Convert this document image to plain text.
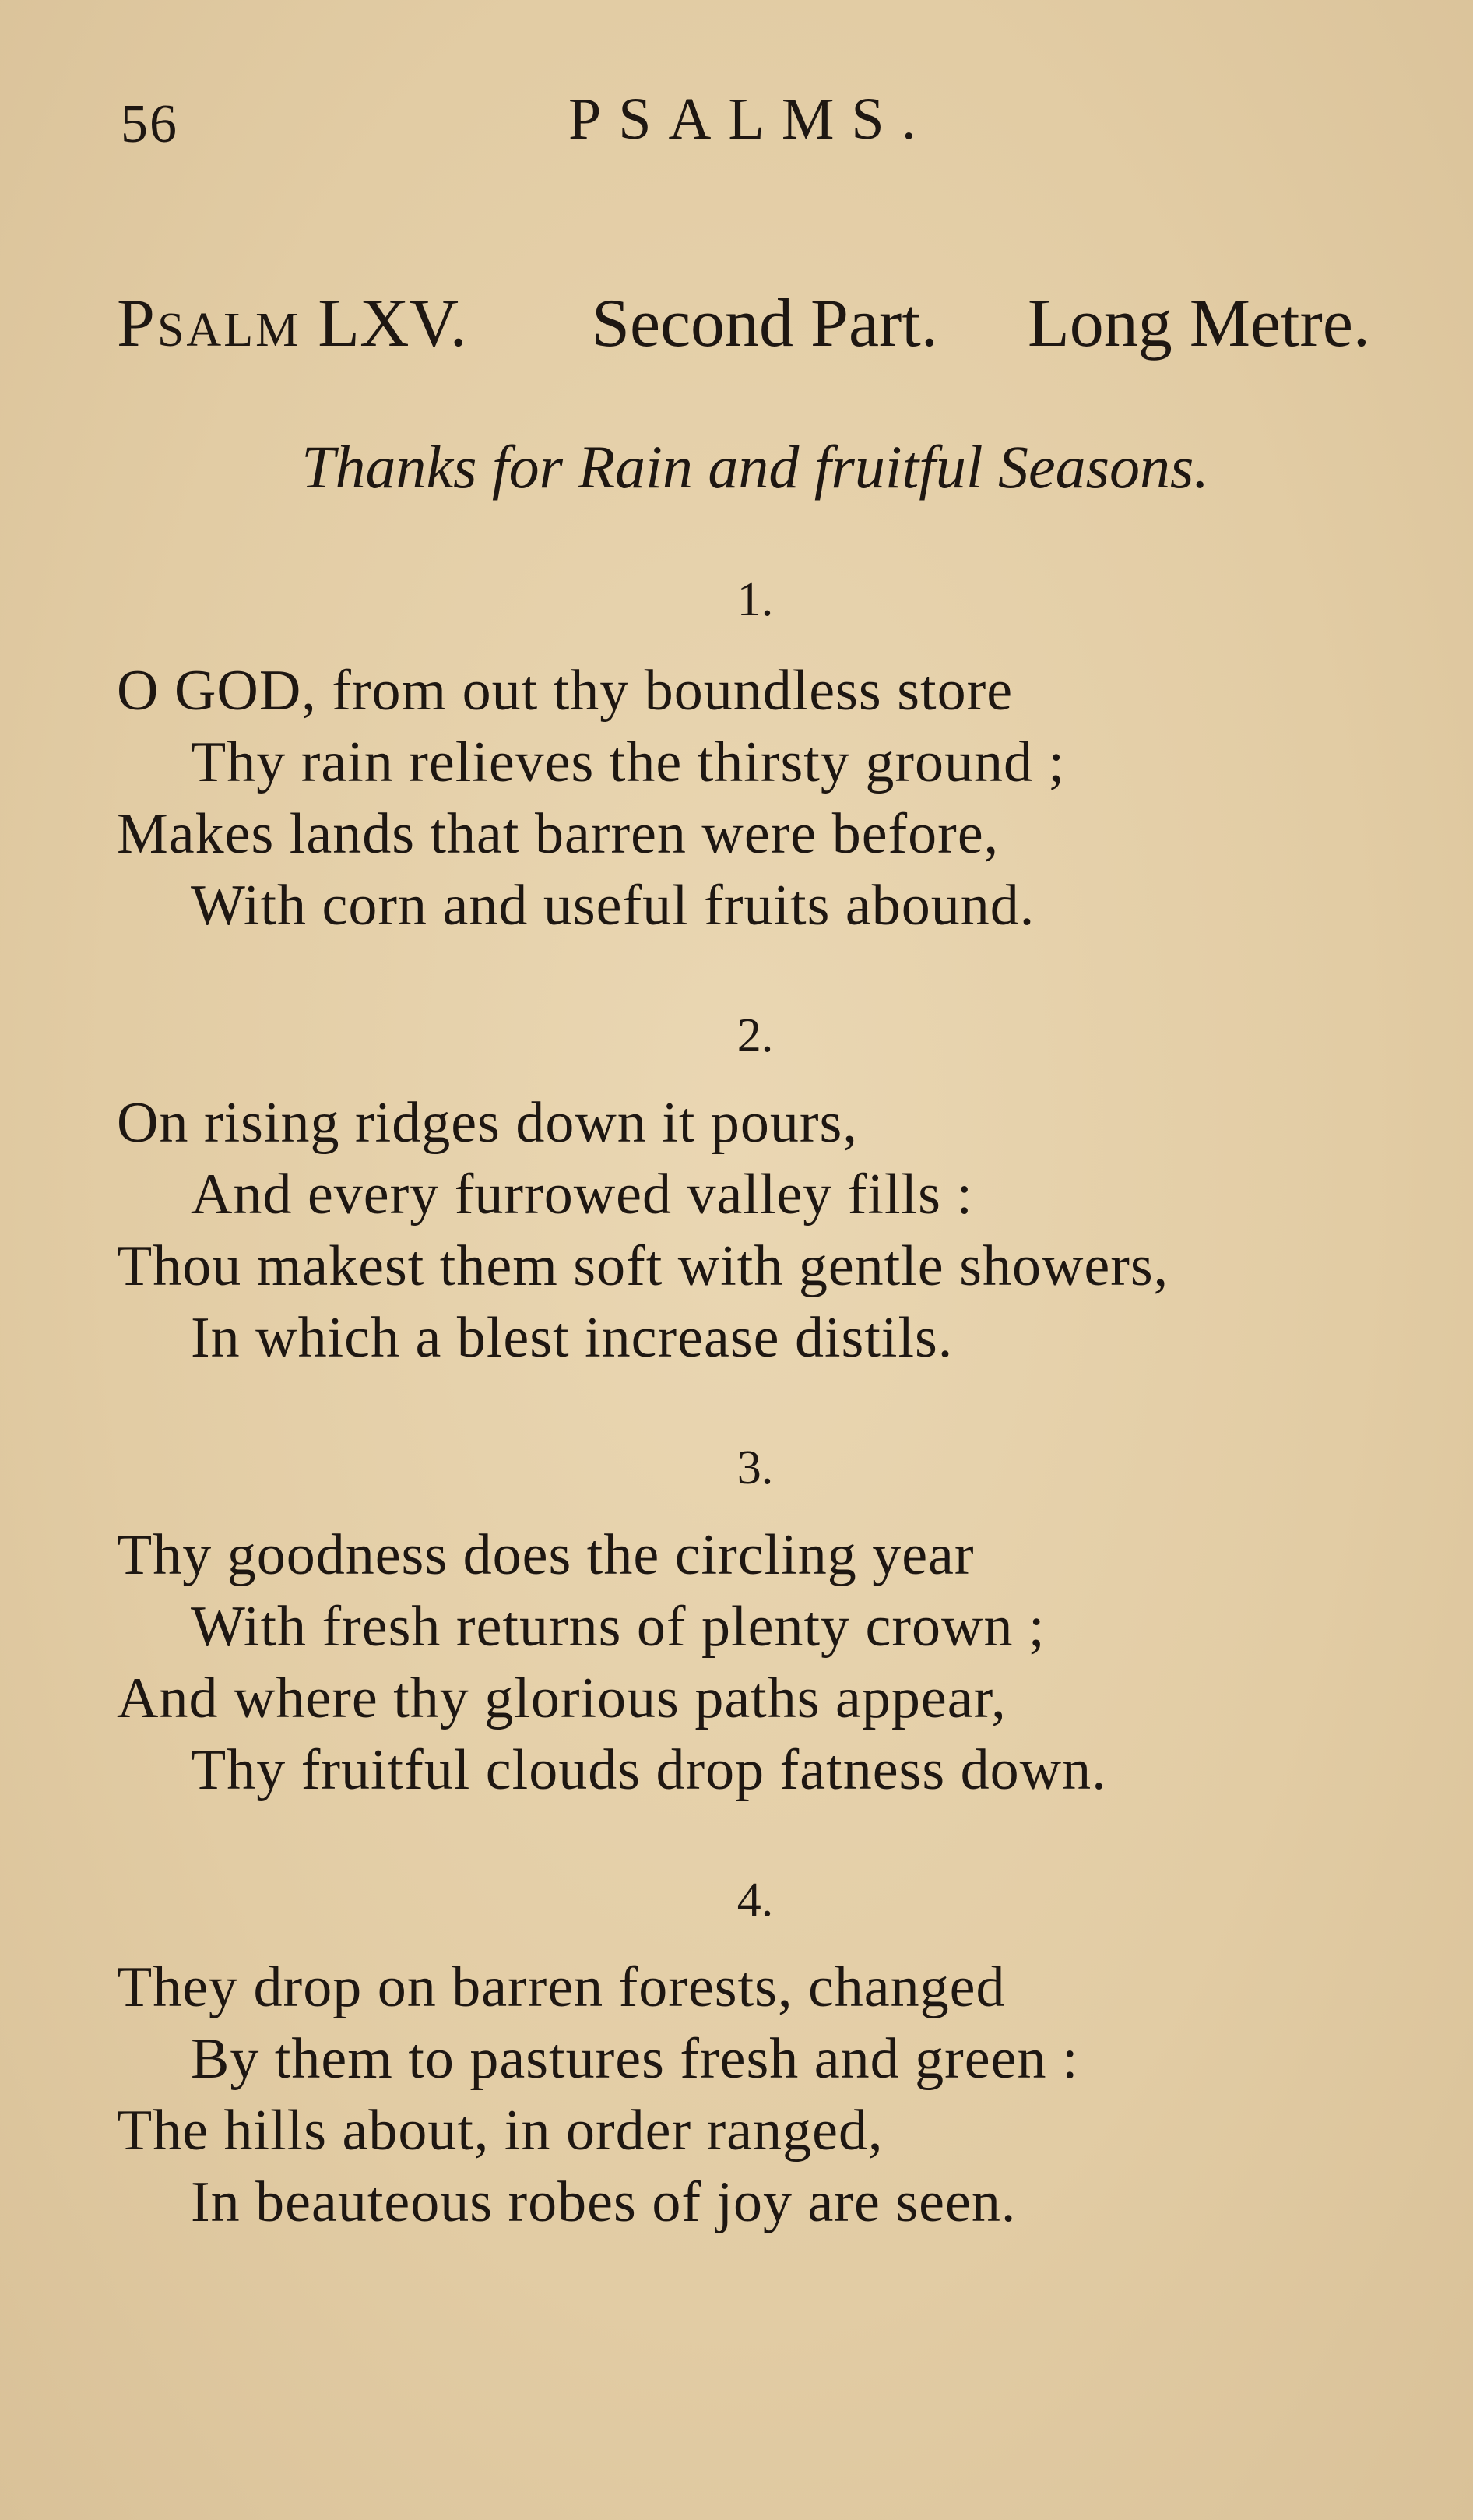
56	PSALMS.
Psalm LXV. Second Part. Long Metre.
Thanks for Rain and fruitful Seasons.
1.
O GOD, from out thy boundless store
Thy rain relieves the thirsty ground ;
Makes lands that barren were before,
With corn and useful fruits abound.
2.
On rising ridges down it pours,
And every furrowed valley fills :
Thou makest them soft with gentle showers,
In which a blest increase distils.
3.
Thy goodness does the circling year
With fresh returns of plenty crown ;
And where thy glorious paths appear,
Thy fruitful clouds drop fatness down.
4.
They drop on barren forests, changed
By them to pastures fresh and green :
The hills about, in order ranged,
In beauteous robes of joy are seen.
